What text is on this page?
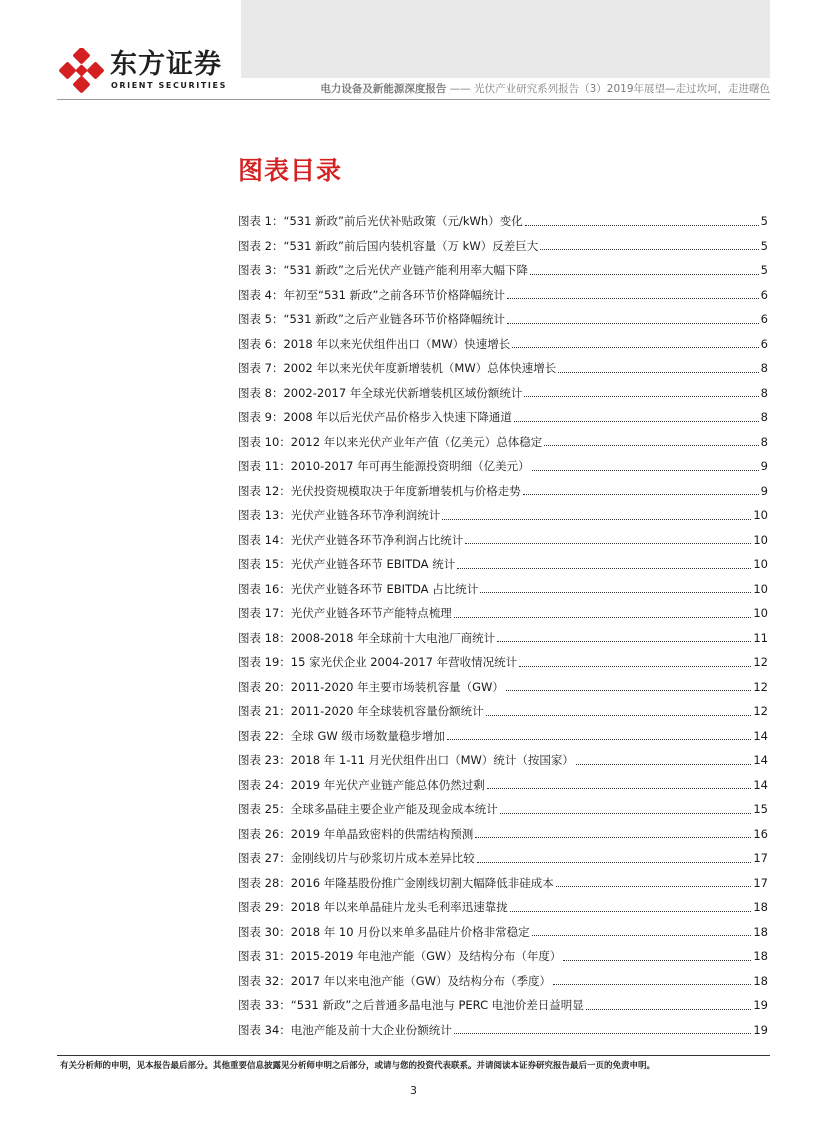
东方证券
ORIENT SECURITIES	电力设备及新能源深度报告 —— 光伏产业研究系列报告（3）2019年展望—走过坎坷，走进曙色
图表目录
图表 1： “531 新政”前后光伏补贴政策（元/kWh）变化	5
图表 2： “531 新政”前后国内装机容量（万 kW）反差巨大	5
图表 3： “531 新政”之后光伏产业链产能利用率大幅下降	5
图表 4： 年初至“531 新政”之前各环节价格降幅统计	6
图表 5： “531 新政”之后产业链各环节价格降幅统计	6
图表 6： 2018 年以来光伏组件出口（MW）快速增长	6
图表 7： 2002 年以来光伏年度新增装机（MW）总体快速增长	8
图表 8： 2002-2017 年全球光伏新增装机区域份额统计	8
图表 9： 2008 年以后光伏产品价格步入快速下降通道	8
图表 10： 2012 年以来光伏产业年产值（亿美元）总体稳定	8
图表 11： 2010-2017 年可再生能源投资明细（亿美元）	9
图表 12： 光伏投资规模取决于年度新增装机与价格走势	9
图表 13： 光伏产业链各环节净利润统计	10
图表 14： 光伏产业链各环节净利润占比统计	10
图表 15： 光伏产业链各环节 EBITDA 统计	10
图表 16： 光伏产业链各环节 EBITDA 占比统计	10
图表 17： 光伏产业链各环节产能特点梳理	10
图表 18： 2008-2018 年全球前十大电池厂商统计	11
图表 19： 15 家光伏企业 2004-2017 年营收情况统计	12
图表 20： 2011-2020 年主要市场装机容量（GW）	12
图表 21： 2011-2020 年全球装机容量份额统计	12
图表 22： 全球 GW 级市场数量稳步增加	14
图表 23： 2018 年 1-11 月光伏组件出口（MW）统计（按国家）	14
图表 24： 2019 年光伏产业链产能总体仍然过剩	14
图表 25： 全球多晶硅主要企业产能及现金成本统计	15
图表 26： 2019 年单晶致密料的供需结构预测	16
图表 27： 金刚线切片与砂浆切片成本差异比较	17
图表 28： 2016 年隆基股份推广金刚线切割大幅降低非硅成本	17
图表 29： 2018 年以来单晶硅片龙头毛利率迅速靠拢	18
图表 30： 2018 年 10 月份以来单多晶硅片价格非常稳定	18
图表 31： 2015-2019 年电池产能（GW）及结构分布（年度）	18
图表 32： 2017 年以来电池产能（GW）及结构分布（季度）	18
图表 33： “531 新政”之后普通多晶电池与 PERC 电池价差日益明显	19
图表 34： 电池产能及前十大企业份额统计	19
有关分析师的申明，见本报告最后部分。其他重要信息披露见分析师申明之后部分，或请与您的投资代表联系。并请阅读本证券研究报告最后一页的免责申明。
3
